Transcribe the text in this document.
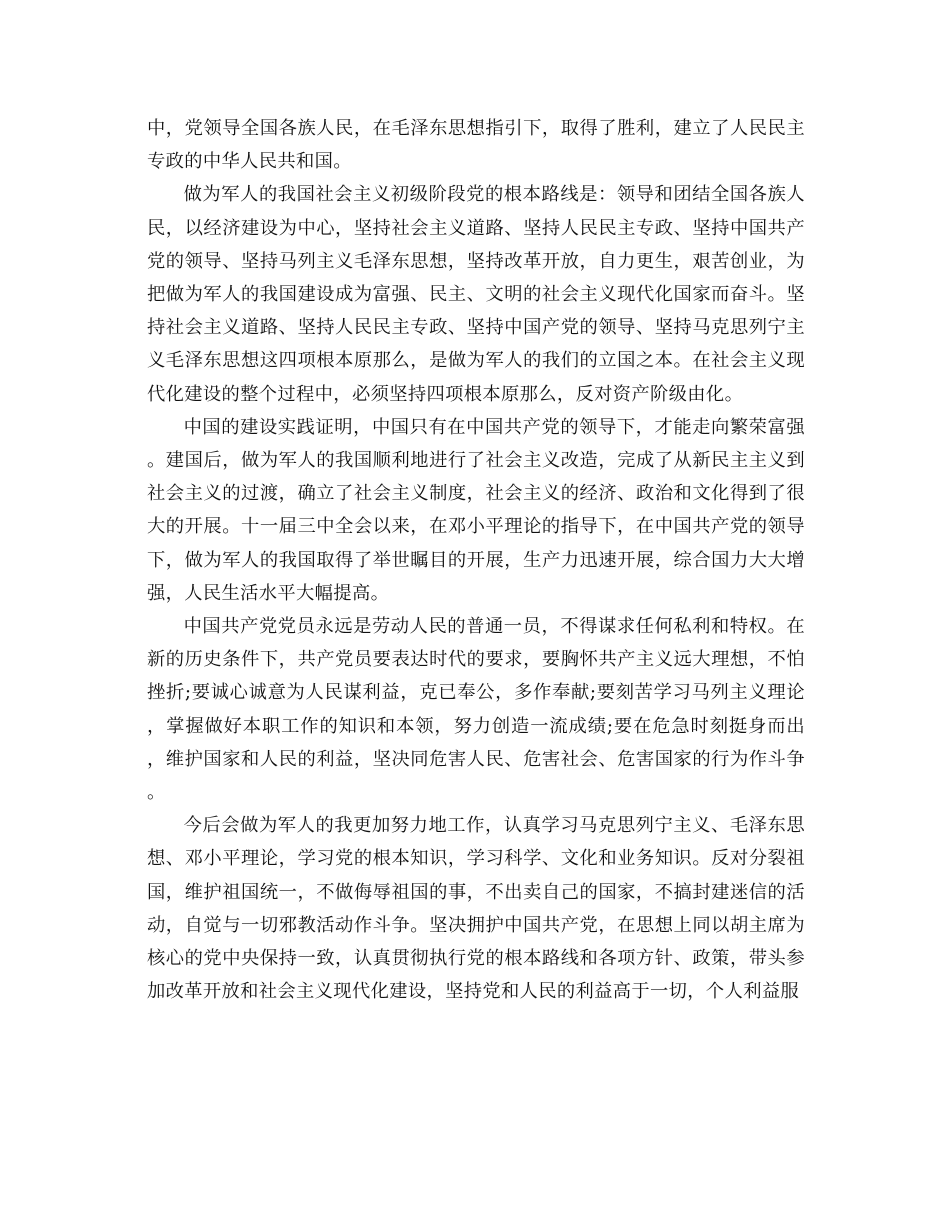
中，党领导全国各族人民，在毛泽东思想指引下，取得了胜利，建立了人民民主专政的中华人民共和国。

做为军人的我国社会主义初级阶段党的根本路线是：领导和团结全国各族人民，以经济建设为中心，坚持社会主义道路、坚持人民民主专政、坚持中国共产党的领导、坚持马列主义毛泽东思想，坚持改革开放，自力更生，艰苦创业，为把做为军人的我国建设成为富强、民主、文明的社会主义现代化国家而奋斗。坚持社会主义道路、坚持人民民主专政、坚持中国产党的领导、坚持马克思列宁主义毛泽东思想这四项根本原那么，是做为军人的我们的立国之本。在社会主义现代化建设的整个过程中，必须坚持四项根本原那么，反对资产阶级由化。

中国的建设实践证明，中国只有在中国共产党的领导下，才能走向繁荣富强。建国后，做为军人的我国顺利地进行了社会主义改造，完成了从新民主主义到社会主义的过渡，确立了社会主义制度，社会主义的经济、政治和文化得到了很大的开展。十一届三中全会以来，在邓小平理论的指导下，在中国共产党的领导下，做为军人的我国取得了举世瞩目的开展，生产力迅速开展，综合国力大大增强，人民生活水平大幅提高。

中国共产党党员永远是劳动人民的普通一员，不得谋求任何私利和特权。在新的历史条件下，共产党员要表达时代的要求，要胸怀共产主义远大理想，不怕挫折;要诚心诚意为人民谋利益，克已奉公，多作奉献;要刻苦学习马列主义理论，掌握做好本职工作的知识和本领，努力创造一流成绩;要在危急时刻挺身而出，维护国家和人民的利益，坚决同危害人民、危害社会、危害国家的行为作斗争。

今后会做为军人的我更加努力地工作，认真学习马克思列宁主义、毛泽东思想、邓小平理论，学习党的根本知识，学习科学、文化和业务知识。反对分裂祖国，维护祖国统一，不做侮辱祖国的事，不出卖自己的国家，不搞封建迷信的活动，自觉与一切邪教活动作斗争。坚决拥护中国共产党，在思想上同以胡主席为核心的党中央保持一致，认真贯彻执行党的根本路线和各项方针、政策，带头参加改革开放和社会主义现代化建设，坚持党和人民的利益高于一切，个人利益服
